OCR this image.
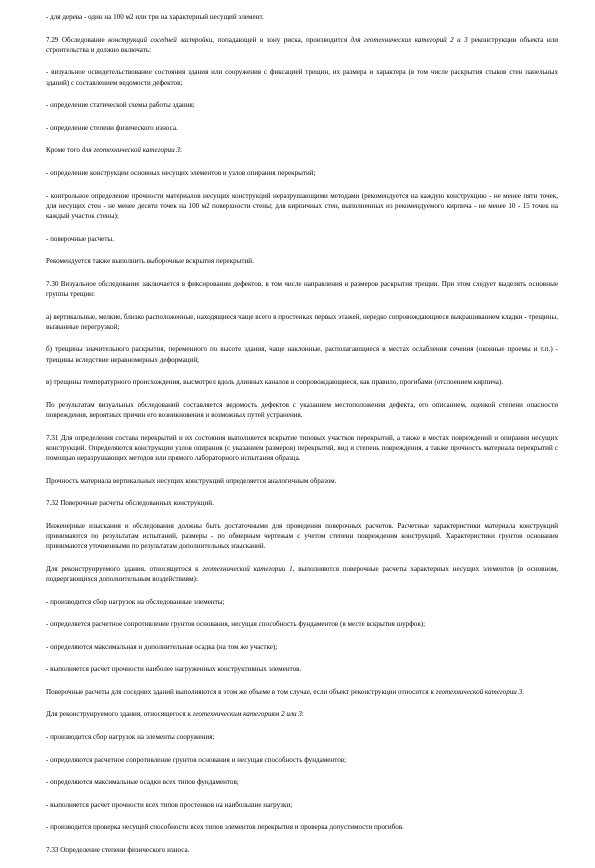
- для дерева - один на 100 м2 или три на характерный несущий элемент.

7.29 Обследование конструкций соседней застройки, попадающей в зону риска, производится для геотехнических категорий 2 и 3 реконструкции объекта или строительства и должно включать:

- визуальное освидетельствование состояния здания или сооружения с фиксацией трещин, их размера и характера (в том числе раскрытия стыков стен панельных зданий) с составлением ведомости дефектов;

- определение статической схемы работы здания;

- определение степени физического износа.

Кроме того для геотехнической категории 3:

- определение конструкции основных несущих элементов и узлов опирания перекрытий;

- контрольное определение прочности материалов несущих конструкций неразрушающими методами (рекомендуется на каждую конструкцию - не менее пяти точек, для несущих стен - не менее десяти точек на 100 м2 поверхности стены; для кирпичных стен, выполненных из рекомендуемого кирпича - не менее 10 - 15 точек на каждый участок стены);

- поверочные расчеты.

Рекомендуется также выполнить выборочные вскрытия перекрытий.

7.30 Визуальное обследование заключается в фиксировании дефектов, в том числе направления и размеров раскрытия трещин. При этом следует выделять основные группы трещин:

а) вертикальные, мелкие, близко расположенные, находящиеся чаще всего в простенках первых этажей, нередко сопровождающиеся выкрашиванием кладки - трещины, вызванные перегрузкой;

б) трещины значительного раскрытия, переменного по высоте здания, чаще наклонные, располагающиеся в местах ослабления сечения (оконные проемы и т.п.) - трещины вследствие неравномерных деформаций;

в) трещины температурного происхождения, высмотрел вдоль длинных каналов и сопровождающиеся, как правило, прогибами (отслоением кирпича).

По результатам визуальных обследований составляется ведомость дефектов с указанием местоположения дефекта, его описанием, оценкой степени опасности повреждения, вероятных причин его возникновения и возможных путей устранения.

7.31 Для определения состава перекрытий и их состояния выполняется вскрытие типовых участков перекрытий, а также в местах повреждений и опирания несущих конструкций. Определяются конструкции узлов опирания (с указанием размеров) перекрытий, вид и степень повреждения, а также прочность материала перекрытий с помощью неразрушающих методов или прямого лабораторного испытания образца.

Прочность материала вертикальных несущих конструкций определяется аналогичным образом.

7.32 Поверочные расчеты обследованных конструкций.

Инженерные изыскания и обследования должны быть достаточными для проведения поверочных расчетов. Расчетные характеристики материала конструкций принимаются по результатам испытаний, размеры - по обмерным чертежам с учетом степени повреждения конструкций. Характеристики грунтов основания принимаются уточненными по результатам дополнительных изысканий.

Для реконструируемого здания, относящегося к геотехнической категории 1, выполняются поверочные расчеты характерных несущих элементов (в основном, подвергающихся дополнительным воздействиям):

- производится сбор нагрузок на обследованные элементы;

- определяется расчетное сопротивление грунтов основания, несущая способность фундаментов (в месте вскрытия шурфов);

- определяются максимальная и дополнительная осадка (на том же участке);

- выполняется расчет прочности наиболее нагруженных конструктивных элементов.

Поверочные расчеты для соседних зданий выполняются в этом же объеме в том случае, если объект реконструкции относится к геотехнической категории 3.

Для реконструируемого здания, относящегося к геотехническим категориям 2 или 3:

- производится сбор нагрузок на элементы сооружения;

- определяются расчетное сопротивление грунтов основания и несущая способность фундаментов;

- определяются максимальные осадки всех типов фундаментов;

- выполняется расчет прочности всех типов простенков на наибольшие нагрузки;

- производится проверка несущей способности всех типов элементов перекрытия и проверка допустимости прогибов.

7.33 Определение степени физического износа.
